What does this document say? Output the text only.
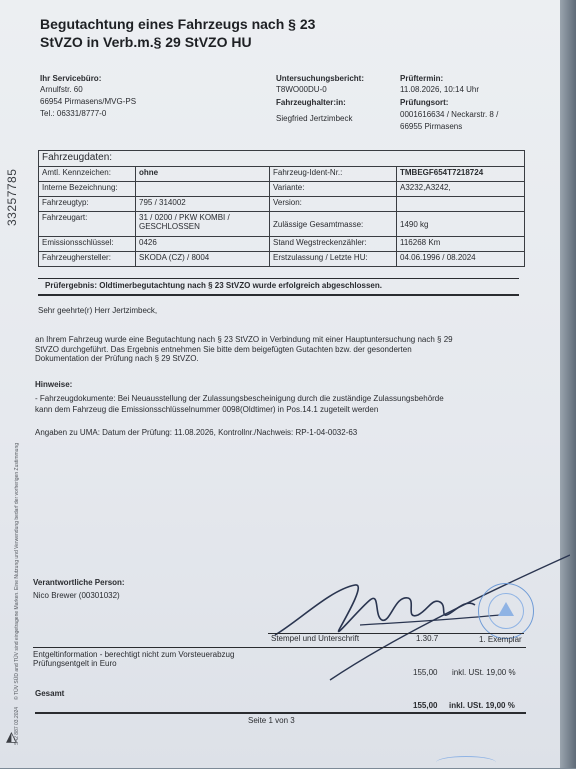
33257785
S42 887 03.2024     © TÜV SÜD and TÜV sind eingetragene Marken. Eine Nutzung und Verwendung bedarf der vorherigen Zustimmung
◭
Begutachtung eines Fahrzeugs nach § 23
StVZO in Verb.m.§ 29 StVZO HU
Ihr Servicebüro:
Arnulfstr. 60
66954 Pirmasens/MVG-PS
Tel.: 06331/8777-0
Untersuchungsbericht:
T8WO00DU-0
Fahrzeughalter:in:
Siegfried Jertzimbeck
Prüftermin:
11.08.2026, 10:14 Uhr
Prüfungsort:
0001616634 / Neckarstr. 8 /
66955 Pirmasens
Fahrzeugdaten:			
Amtl. Kennzeichen:	ohne	Fahrzeug-Ident-Nr.:	TMBEGF654T7218724
Interne Bezeichnung:		Variante:	A3232,A3242,
Fahrzeugtyp:	795 / 314002	Version:	
Fahrzeugart:	31 / 0200 / PKW KOMBI / GESCHLOSSEN	Zulässige Gesamtmasse:	1490 kg
Emissionsschlüssel:	0426	Stand Wegstreckenzähler:	116268 Km
Fahrzeughersteller:	SKODA (CZ) / 8004	Erstzulassung / Letzte HU:	04.06.1996 / 08.2024
Prüfergebnis: Oldtimerbegutachtung nach § 23 StVZO wurde erfolgreich abgeschlossen.
Sehr geehrte(r) Herr Jertzimbeck,
an Ihrem Fahrzeug wurde eine Begutachtung nach § 23 StVZO in Verbindung mit einer Hauptuntersuchung nach § 29
StVZO durchgeführt. Das Ergebnis entnehmen Sie bitte dem beigefügten Gutachten bzw. der gesonderten
Dokumentation der Prüfung nach § 29 StVZO.
Hinweise:
- Fahrzeugdokumente: Bei Neuausstellung der Zulassungsbescheinigung durch die zuständige Zulassungsbehörde
kann dem Fahrzeug die Emissionsschlüsselnummer 0098(Oldtimer) in Pos.14.1 zugeteilt werden
Angaben zu UMA: Datum der Prüfung: 11.08.2026, Kontrollnr./Nachweis: RP-1-04-0032-63
Verantwortliche Person:
Nico Brewer (00301032)
Stempel und Unterschrift	1.30.7	1. Exemplar
Entgeltinformation - berechtigt nicht zum Vorsteuerabzug
Prüfungsentgelt in Euro
155,00 inkl. USt. 19,00 %
Gesamt
155,00 inkl. USt. 19,00 %
Seite 1 von 3
